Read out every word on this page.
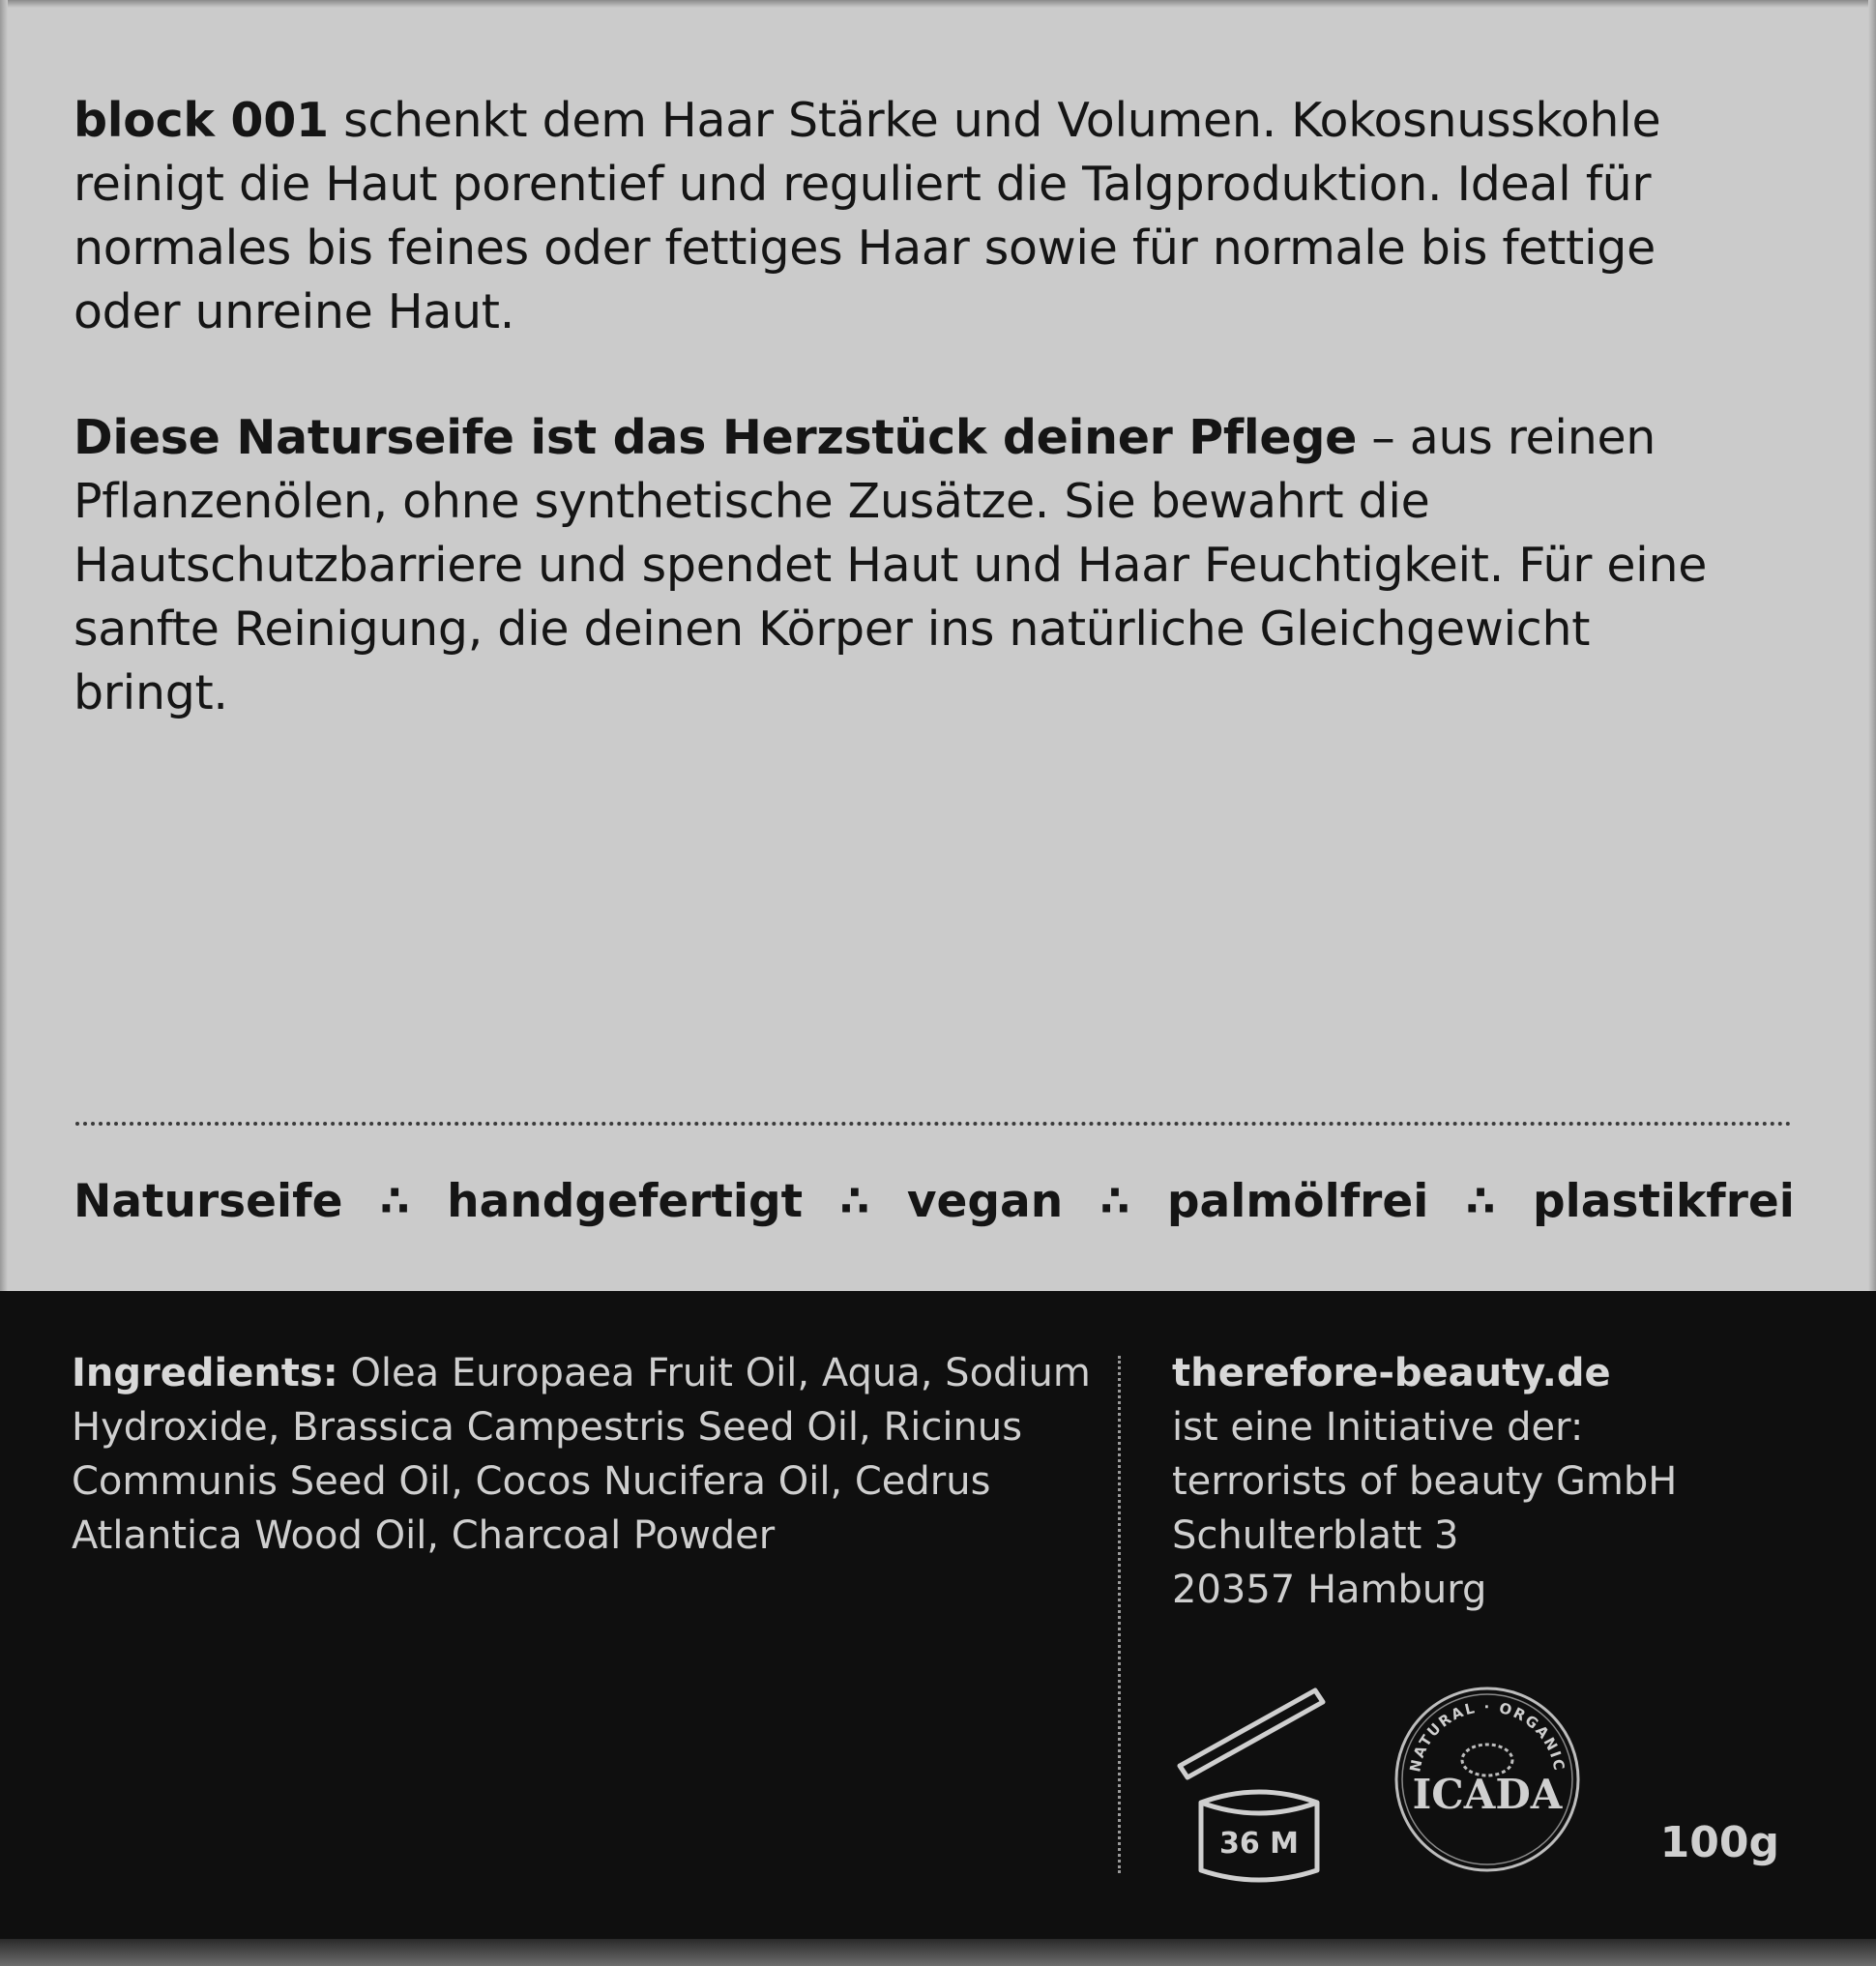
block 001 schenkt dem Haar Stärke und Volumen. Kokosnusskohle reinigt die Haut porentief und reguliert die Talgproduktion. Ideal für normales bis feines oder fettiges Haar sowie für normale bis fettige oder unreine Haut.

Diese Naturseife ist das Herzstück deiner Pflege – aus reinen Pflanzenölen, ohne synthetische Zusätze. Sie bewahrt die Hautschutzbarriere und spendet Haut und Haar Feuchtigkeit. Für eine sanfte Reinigung, die deinen Körper ins natürliche Gleichgewicht bringt.

Naturseife ∴ handgefertigt ∴ vegan ∴ palmölfrei ∴ plastikfrei

Ingredients: Olea Europaea Fruit Oil, Aqua, Sodium Hydroxide, Brassica Campestris Seed Oil, Ricinus Communis Seed Oil, Cocos Nucifera Oil, Cedrus Atlantica Wood Oil, Charcoal Powder

therefore-beauty.de
ist eine Initiative der:
terrorists of beauty GmbH
Schulterblatt 3
20357 Hamburg
36 M
NATURAL · ORGANIC
ICADA
100g
